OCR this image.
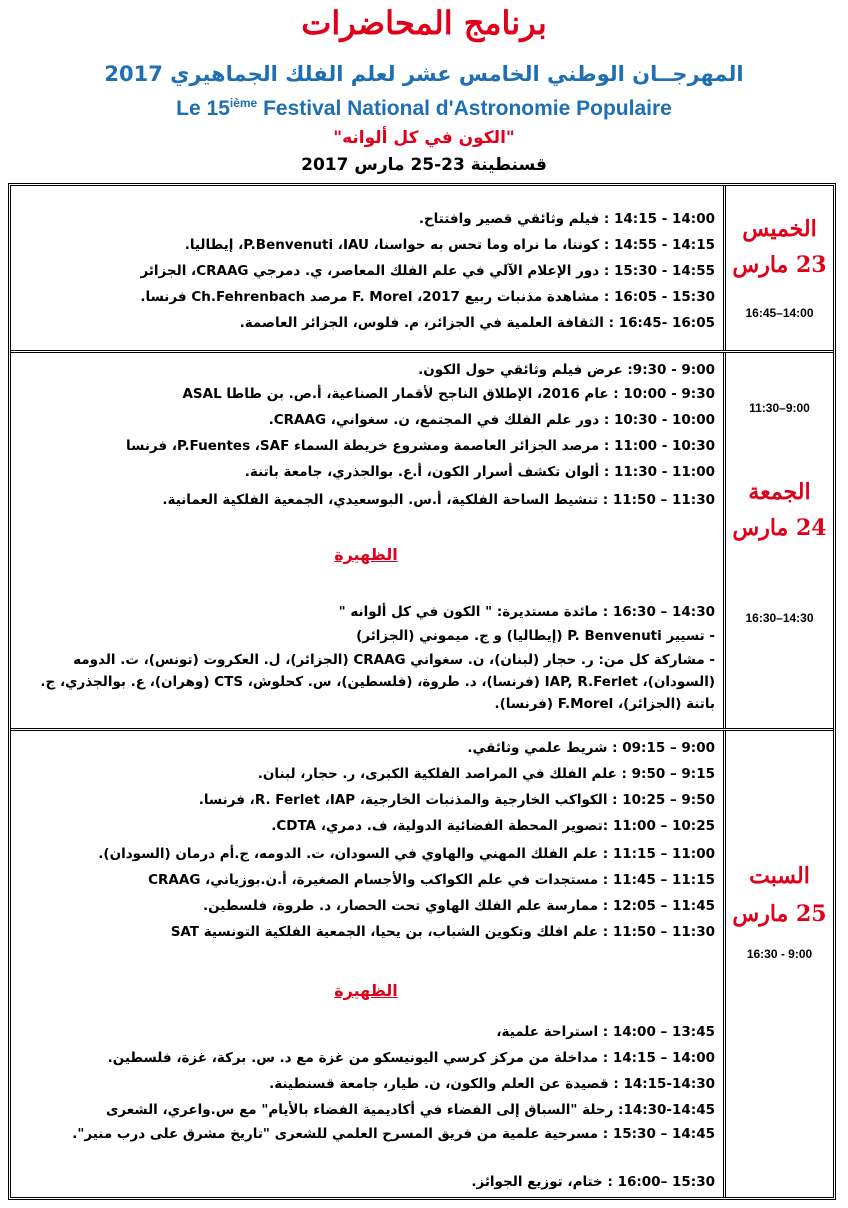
برنامج المحاضرات
المهرجــان الوطني الخامس عشر لعلم الفلك الجماهيري 2017
Le 15ième Festival National d'Astronomie Populaire
"الكون في كل ألوانه"
قسنطينة 23-25 مارس 2017
الخميس
23 مارس
16:45–14:00
14:00 - 14:15 : فيلم وثائقي قصير وافتتاح.
14:15 - 14:55 : كوننا، ما نراه وما تحس به حواسنا، P.Benvenuti ،IAU، إيطاليا.
14:55 - 15:30 : دور الإعلام الآلي في علم الفلك المعاصر، ي. دمرجي CRAAG، الجزائر
15:30 - 16:05 : مشاهدة مذنبات ربيع 2017، F. Morel مرصد Ch.Fehrenbach فرنسا.
16:05 -16:45 : الثقافة العلمية في الجزائر، م. فلوس، الجزائر العاصمة.
11:30–9:00
الجمعة
24 مارس
16:30–14:30
9:00 - 9:30: عرض فيلم وثائقي حول الكون.
9:30 - 10:00 : عام 2016، الإطلاق الناجح لأقمار الصناعية، أ.ص. بن طاطا ASAL
10:00 - 10:30 : دور علم الفلك في المجتمع، ن. سغواني، CRAAG.
10:30 - 11:00 : مرصد الجزائر العاصمة ومشروع خريطة السماء P.Fuentes ،SAF، فرنسا
11:00 - 11:30 : ألوان تكشف أسرار الكون، أ.ع. بوالجذري، جامعة باتنة.
11:30 – 11:50 : تنشيط الساحة الفلكية، أ.س. البوسعيدي، الجمعية الفلكية العمانية.
الظهيرة
14:30 – 16:30 : مائدة مستديرة: " الكون في كل ألوانه "
- تسيير P. Benvenuti (إيطاليا) و ج. ميموني (الجزائر)
- مشاركة كل من: ر. حجار (لبنان)، ن. سغواني CRAAG (الجزائر)، ل. العكروت (تونس)، ت. الدومه (السودان)، IAP, R.Ferlet (فرنسا)، د. طروة، (فلسطين)، س. كحلوش، CTS (وهران)، ع. بوالجذري، ج. باتنة (الجزائر)، F.Morel (فرنسا).
السبت
25 مارس
16:30 - 9:00
9:00 – 09:15 : شريط علمي وثائقي.
9:15 – 9:50 : علم الفلك في المراصد الفلكية الكبرى، ر. حجار، لبنان.
9:50 – 10:25 : الكواكب الخارجية والمذنبات الخارجية، R. Ferlet ،IAP، فرنسا.
10:25 – 11:00 :تصوير المحطة الفضائية الدولية، ف. دمري، CDTA.
11:00 – 11:15 : علم الفلك المهني والهاوي في السودان، ت. الدومه، ج.أم درمان (السودان).
11:15 – 11:45 : مستجدات في علم الكواكب والأجسام الصغيرة، أ.ن.بوزياني، CRAAG
11:45 – 12:05 : ممارسة علم الفلك الهاوي تحت الحصار، د. طروة، فلسطين.
11:30 – 11:50 : علم افلك وتكوين الشباب، بن يحيا، الجمعية الفلكية التونسية SAT
الظهيرة
13:45 – 14:00 : استراحة علمية،
14:00 – 14:15 : مداخلة من مركز كرسي اليونيسكو من غزة مع د. س. بركة، غزة، فلسطين.
14:15-14:30 : قصيدة عن العلم والكون، ن. طيار، جامعة قسنطينة.
14:30-14:45: رحلة "السباق إلى الفضاء في أكاديمية الفضاء بالأيام" مع س.واعري، الشعرى
14:45 – 15:30 : مسرحية علمية من فريق المسرح العلمي للشعرى "تاريخ مشرق على درب منير".
15:30 –16:00 : ختام، توزيع الجوائز.
